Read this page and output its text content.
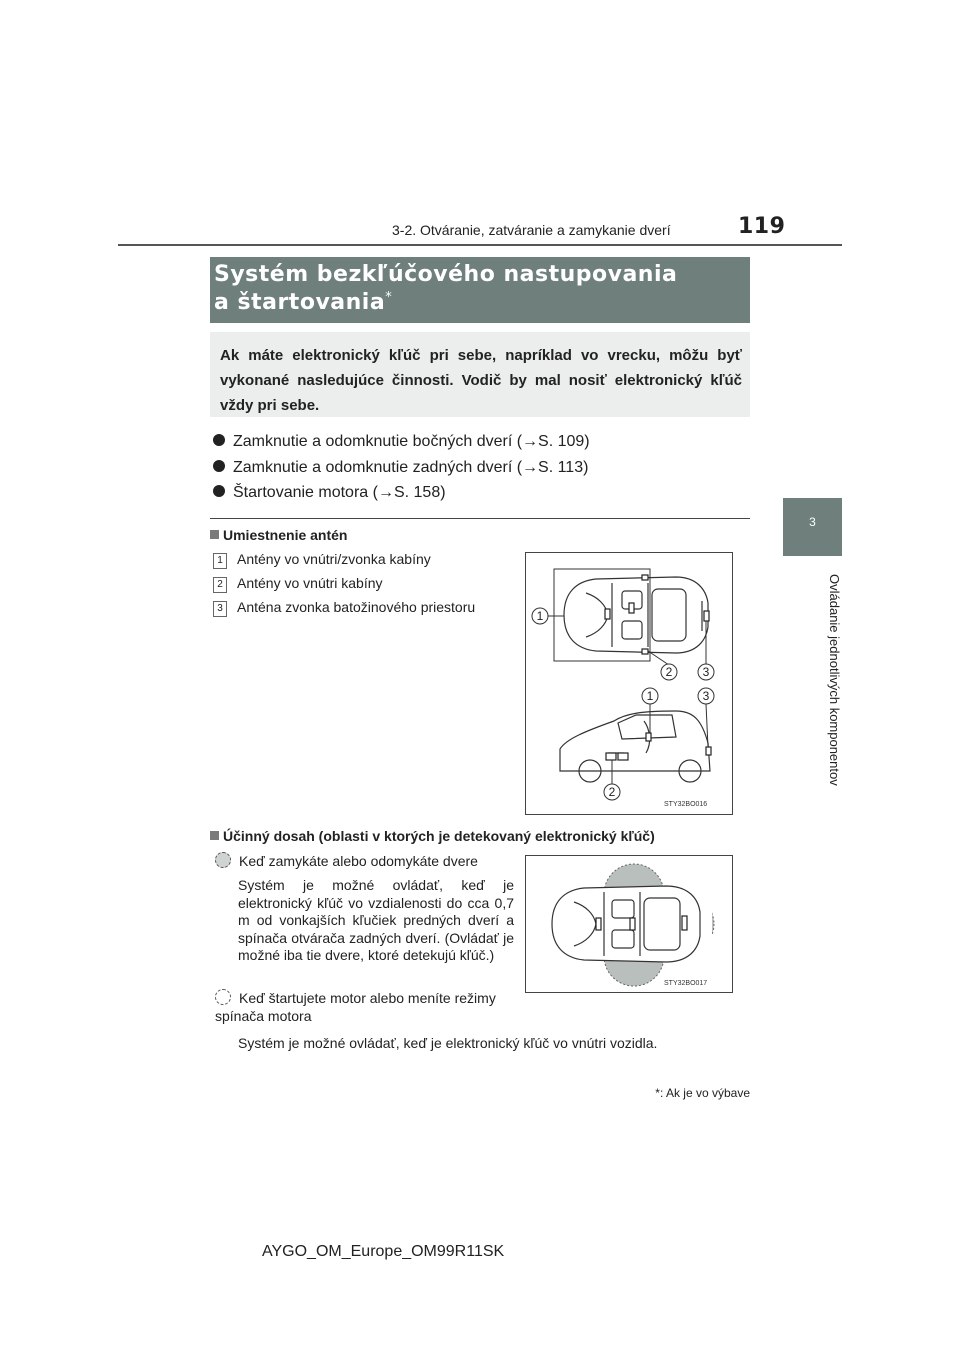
3-2. Otváranie, zatváranie a zamykanie dverí	119
3
Ovládanie jednotlivých komponentov
Systém bezkľúčového nastupovania
a štartovania*
Ak máte elektronický kľúč pri sebe, napríklad vo vrecku, môžu byť vykonané nasledujúce činnosti. Vodič by mal nosiť elektronický kľúč vždy pri sebe.
Zamknutie a odomknutie bočných dverí (→S. 109)
Zamknutie a odomknutie zadných dverí (→S. 113)
Štartovanie motora (→S. 158)
Umiestnenie antén
1 Antény vo vnútri/zvonka kabíny
2 Antény vo vnútri kabíny
3 Anténa zvonka batožinového priestoru
1
2	3
1	3
2
STY32BO016
Účinný dosah (oblasti v ktorých je detekovaný elektronický kľúč)
Keď zamykáte alebo odomykáte dvere
Systém je možné ovládať, keď je elektronický kľúč vo vzdialenosti do cca 0,7 m od vonkajších kľučiek predných dverí a spínača otvárača zadných dverí. (Ovládať je možné iba tie dvere, ktoré detekujú kľúč.)
Keď štartujete motor alebo meníte režimy spínača motora
Systém je možné ovládať, keď je elektronický kľúč vo vnútri vozidla.
STY32BO017
*: Ak je vo výbave
AYGO_OM_Europe_OM99R11SK
